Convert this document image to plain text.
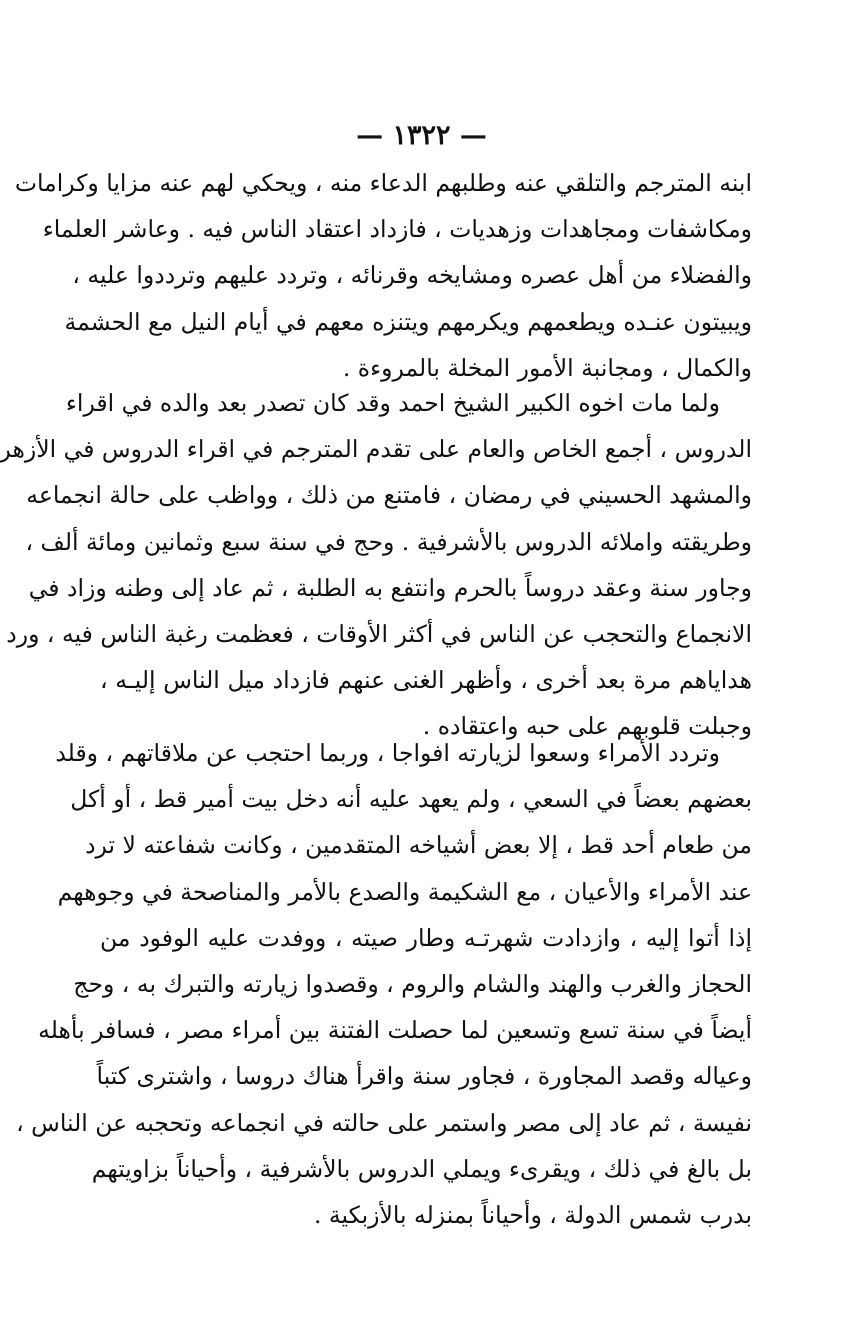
— ١٣٢٢ —
ابنه المترجم والتلقي عنه وطلبهم الدعاء منه ، ويحكي لهم عنه مزايا وكرامات
ومكاشفات ومجاهدات وزهديات ، فازداد اعتقاد الناس فيه . وعاشر العلماء
والفضلاء من أهل عصره ومشايخه وقرنائه ، وتردد عليهم وترددوا عليه ،
ويبيتون عنـده ويطعمهم ويكرمهم ويتنزه معهم في أيام النيل مع الحشمة
والكمال ، ومجانبة الأمور المخلة بالمروءة .
ولما مات اخوه الكبير الشيخ احمد وقد كان تصدر بعد والده في اقراء
الدروس ، أجمع الخاص والعام على تقدم المترجم في اقراء الدروس في الأزهر
والمشهد الحسيني في رمضان ، فامتنع من ذلك ، وواظب على حالة انجماعه
وطريقته واملائه الدروس بالأشرفية . وحج في سنة سبع وثمانين ومائة ألف ،
وجاور سنة وعقد دروساً بالحرم وانتفع به الطلبة ، ثم عاد إلى وطنه وزاد في
الانجماع والتحجب عن الناس في أكثر الأوقات ، فعظمت رغبة الناس فيه ، ورد
هداياهم مرة بعد أخرى ، وأظهر الغنى عنهم فازداد ميل الناس إليـه ،
وجبلت قلوبهم على حبه واعتقاده .
وتردد الأمراء وسعوا لزيارته افواجا ، وربما احتجب عن ملاقاتهم ، وقلد
بعضهم بعضاً في السعي ، ولم يعهد عليه أنه دخل بيت أمير قط ، أو أكل
من طعام أحد قط ، إلا بعض أشياخه المتقدمين ، وكانت شفاعته لا ترد
عند الأمراء والأعيان ، مع الشكيمة والصدع بالأمر والمناصحة في وجوههم
إذا أتوا إليه ، وازدادت شهرتـه وطار صيته ، ووفدت عليه الوفود من
الحجاز والغرب والهند والشام والروم ، وقصدوا زيارته والتبرك به ، وحج
أيضاً في سنة تسع وتسعين لما حصلت الفتنة بين أمراء مصر ، فسافر بأهله
وعياله وقصد المجاورة ، فجاور سنة واقرأ هناك دروسا ، واشترى كتباً
نفيسة ، ثم عاد إلى مصر واستمر على حالته في انجماعه وتحجبه عن الناس ،
بل بالغ في ذلك ، ويقرىء ويملي الدروس بالأشرفية ، وأحياناً بزاويتهم
بدرب شمس الدولة ، وأحياناً بمنزله بالأزبكية .
